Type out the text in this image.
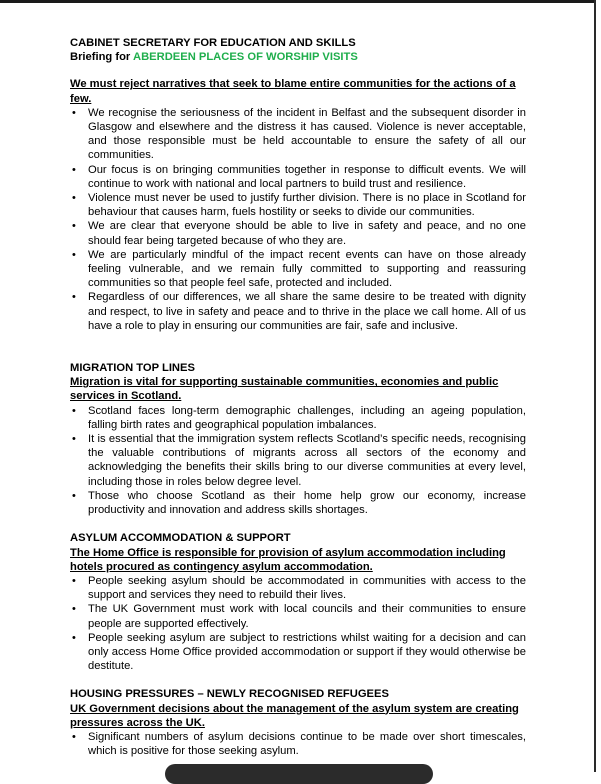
CABINET SECRETARY FOR EDUCATION AND SKILLS
Briefing for ABERDEEN PLACES OF WORSHIP VISITS
We must reject narratives that seek to blame entire communities for the actions of a few.
• We recognise the seriousness of the incident in Belfast and the subsequent disorder in Glasgow and elsewhere and the distress it has caused. Violence is never acceptable, and those responsible must be held accountable to ensure the safety of all our communities.
• Our focus is on bringing communities together in response to difficult events. We will continue to work with national and local partners to build trust and resilience.
• Violence must never be used to justify further division. There is no place in Scotland for behaviour that causes harm, fuels hostility or seeks to divide our communities.
• We are clear that everyone should be able to live in safety and peace, and no one should fear being targeted because of who they are.
• We are particularly mindful of the impact recent events can have on those already feeling vulnerable, and we remain fully committed to supporting and reassuring communities so that people feel safe, protected and included.
• Regardless of our differences, we all share the same desire to be treated with dignity and respect, to live in safety and peace and to thrive in the place we call home. All of us have a role to play in ensuring our communities are fair, safe and inclusive.
MIGRATION TOP LINES
Migration is vital for supporting sustainable communities, economies and public services in Scotland.
• Scotland faces long-term demographic challenges, including an ageing population, falling birth rates and geographical population imbalances.
• It is essential that the immigration system reflects Scotland’s specific needs, recognising the valuable contributions of migrants across all sectors of the economy and acknowledging the benefits their skills bring to our diverse communities at every level, including those in roles below degree level.
• Those who choose Scotland as their home help grow our economy, increase productivity and innovation and address skills shortages.
ASYLUM ACCOMMODATION & SUPPORT
The Home Office is responsible for provision of asylum accommodation including hotels procured as contingency asylum accommodation.
• People seeking asylum should be accommodated in communities with access to the support and services they need to rebuild their lives.
• The UK Government must work with local councils and their communities to ensure people are supported effectively.
• People seeking asylum are subject to restrictions whilst waiting for a decision and can only access Home Office provided accommodation or support if they would otherwise be destitute.
HOUSING PRESSURES – NEWLY RECOGNISED REFUGEES
UK Government decisions about the management of the asylum system are creating pressures across the UK.
• Significant numbers of asylum decisions continue to be made over short timescales, which is positive for those seeking asylum.
